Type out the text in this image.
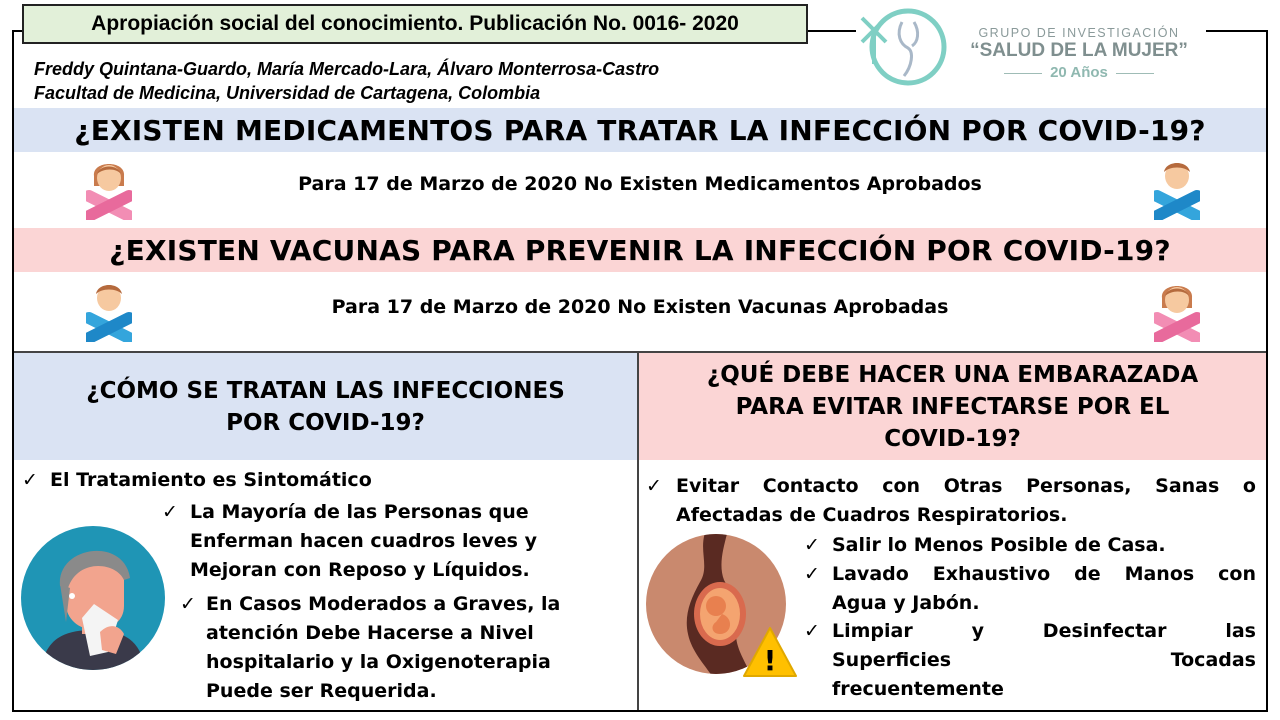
Apropiación social del conocimiento. Publicación No. 0016- 2020
Freddy Quintana-Guardo, María Mercado-Lara, Álvaro Monterrosa-Castro
Facultad de Medicina, Universidad de Cartagena, Colombia
GRUPO DE INVESTIGACIÓN
“SALUD DE LA MUJER”
20 Años
¿EXISTEN MEDICAMENTOS PARA TRATAR LA INFECCIÓN POR COVID-19?
Para 17 de Marzo de 2020 No Existen Medicamentos Aprobados
¿EXISTEN VACUNAS PARA PREVENIR LA INFECCIÓN POR COVID-19?
Para 17 de Marzo de 2020 No Existen Vacunas Aprobadas
¿CÓMO SE TRATAN LAS INFECCIONES
POR COVID-19?
✓ El Tratamiento es Sintomático
✓ La Mayoría de las Personas que
Enferman hacen cuadros leves y
Mejoran con Reposo y Líquidos.
✓ En Casos Moderados a Graves, la
atención Debe Hacerse a Nivel
hospitalario y la Oxigenoterapia
Puede ser Requerida.
¿QUÉ DEBE HACER UNA EMBARAZADA
PARA EVITAR INFECTARSE POR EL
COVID-19?
✓ Evitar Contacto con Otras Personas, Sanas o
Afectadas de Cuadros Respiratorios.
✓ Salir lo Menos Posible de Casa.
✓ Lavado Exhaustivo de Manos con
Agua y Jabón.
✓ Limpiar y Desinfectar las
Superficies Tocadas
frecuentemente
!
